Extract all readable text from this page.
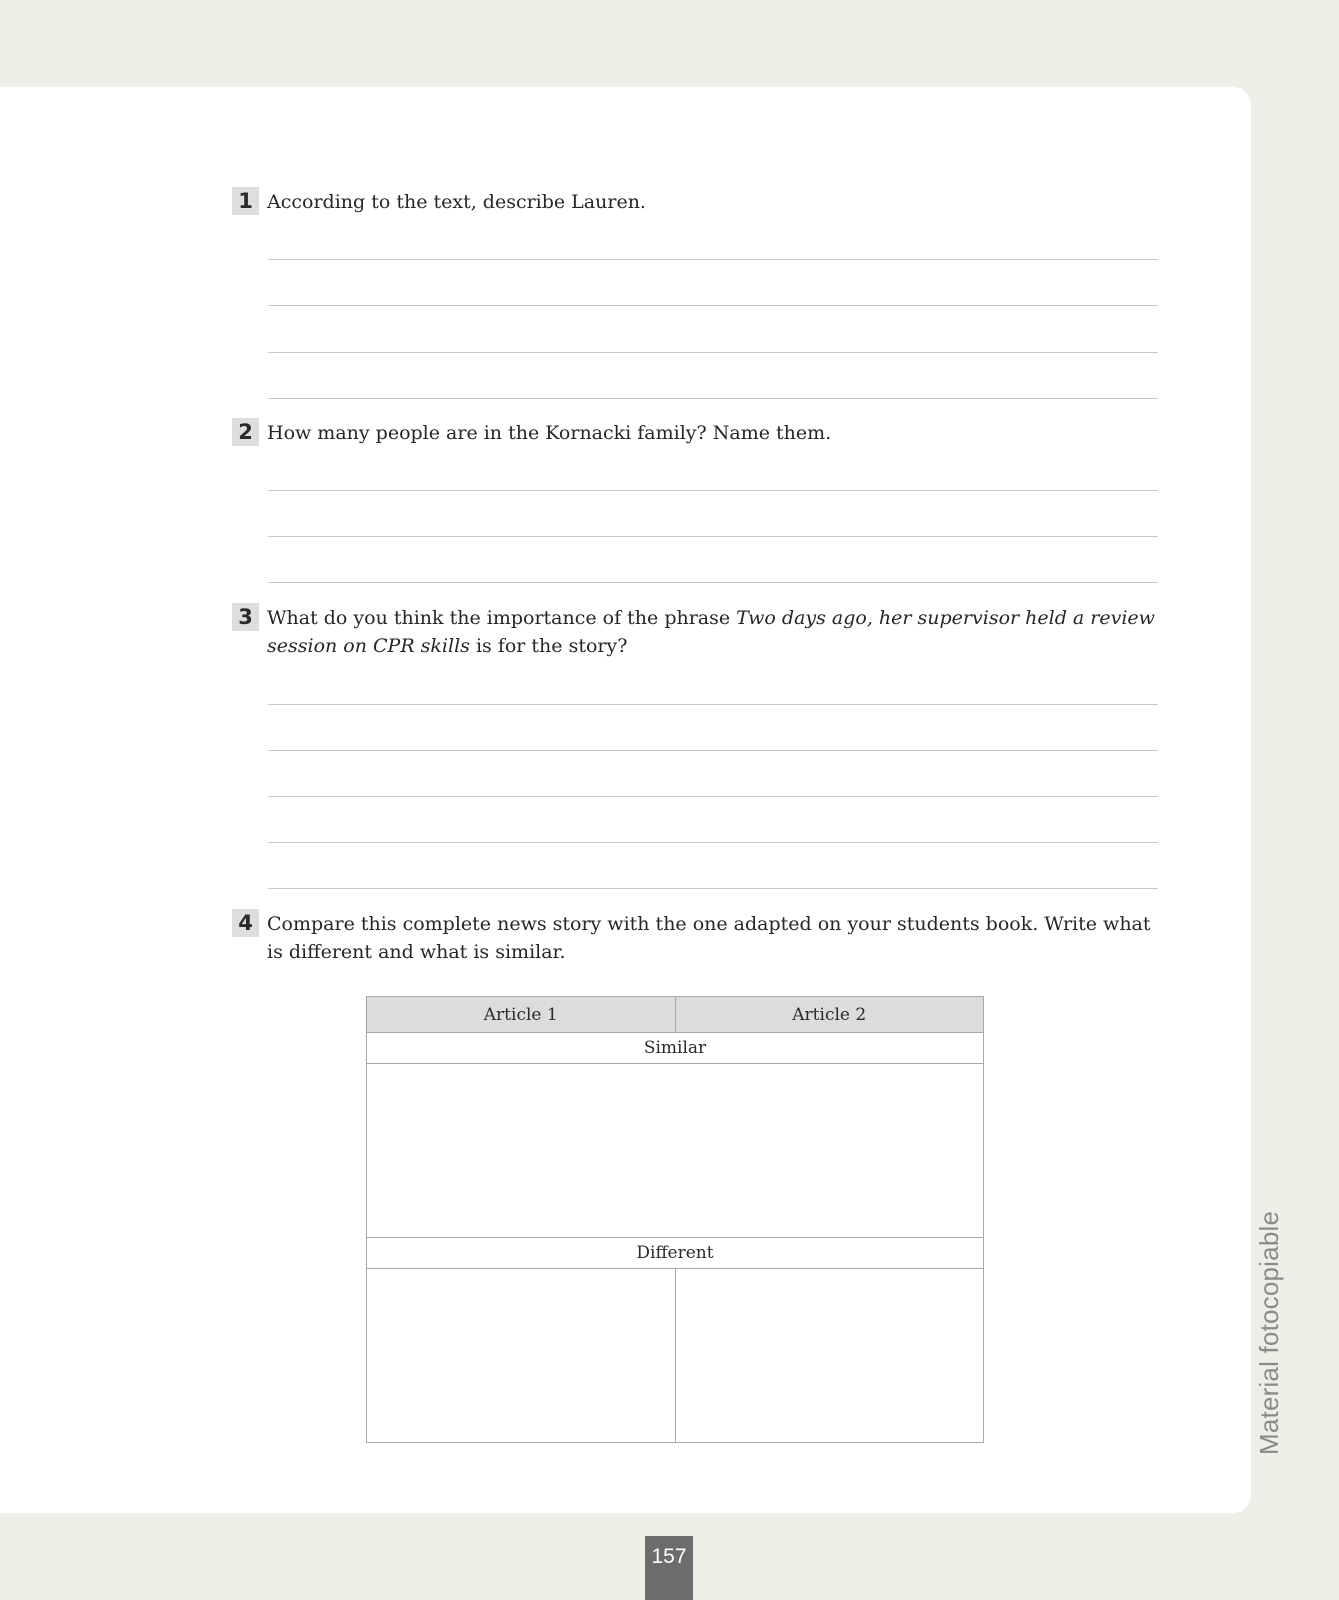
1 According to the text, describe Lauren.
2 How many people are in the Kornacki family? Name them.
3 What do you think the importance of the phrase Two days ago, her supervisor held a review session on CPR skills is for the story?
4 Compare this complete news story with the one adapted on your students book. Write what is different and what is similar.
Article 1	Article 2
Similar	

Different	
		Material fotocopiable
157
